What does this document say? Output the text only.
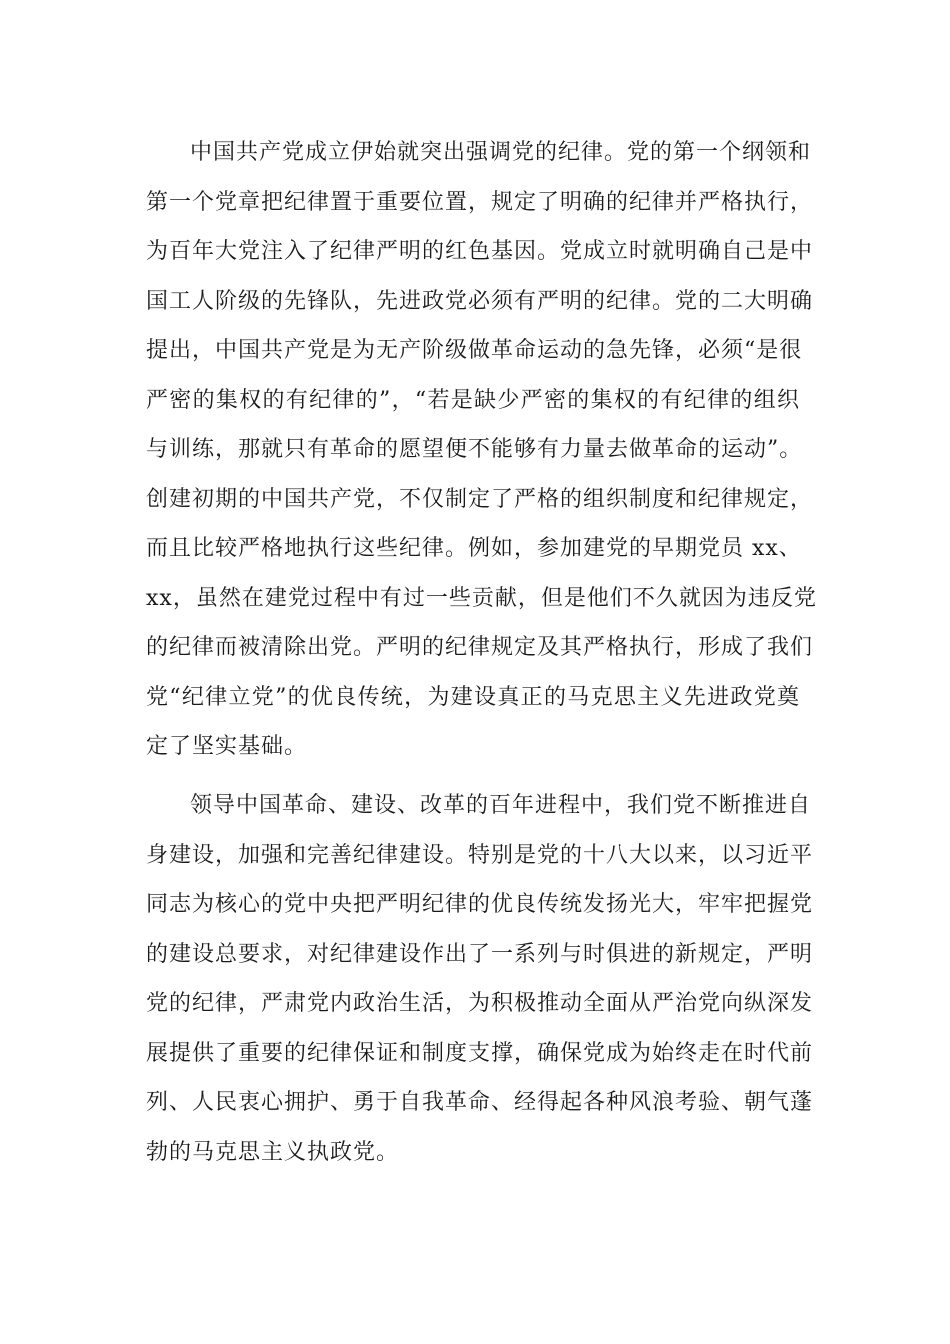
中国共产党成立伊始就突出强调党的纪律。党的第一个纲领和
第一个党章把纪律置于重要位置，规定了明确的纪律并严格执行，
为百年大党注入了纪律严明的红色基因。党成立时就明确自己是中
国工人阶级的先锋队，先进政党必须有严明的纪律。党的二大明确
提出，中国共产党是为无产阶级做革命运动的急先锋，必须“是很
严密的集权的有纪律的”，“若是缺少严密的集权的有纪律的组织
与训练，那就只有革命的愿望便不能够有力量去做革命的运动”。
创建初期的中国共产党，不仅制定了严格的组织制度和纪律规定，
而且比较严格地执行这些纪律。例如，参加建党的早期党员 xx、
xx，虽然在建党过程中有过一些贡献，但是他们不久就因为违反党
的纪律而被清除出党。严明的纪律规定及其严格执行，形成了我们
党“纪律立党”的优良传统，为建设真正的马克思主义先进政党奠
定了坚实基础。
领导中国革命、建设、改革的百年进程中，我们党不断推进自
身建设，加强和完善纪律建设。特别是党的十八大以来，以习近平
同志为核心的党中央把严明纪律的优良传统发扬光大，牢牢把握党
的建设总要求，对纪律建设作出了一系列与时俱进的新规定，严明
党的纪律，严肃党内政治生活，为积极推动全面从严治党向纵深发
展提供了重要的纪律保证和制度支撑，确保党成为始终走在时代前
列、人民衷心拥护、勇于自我革命、经得起各种风浪考验、朝气蓬
勃的马克思主义执政党。
